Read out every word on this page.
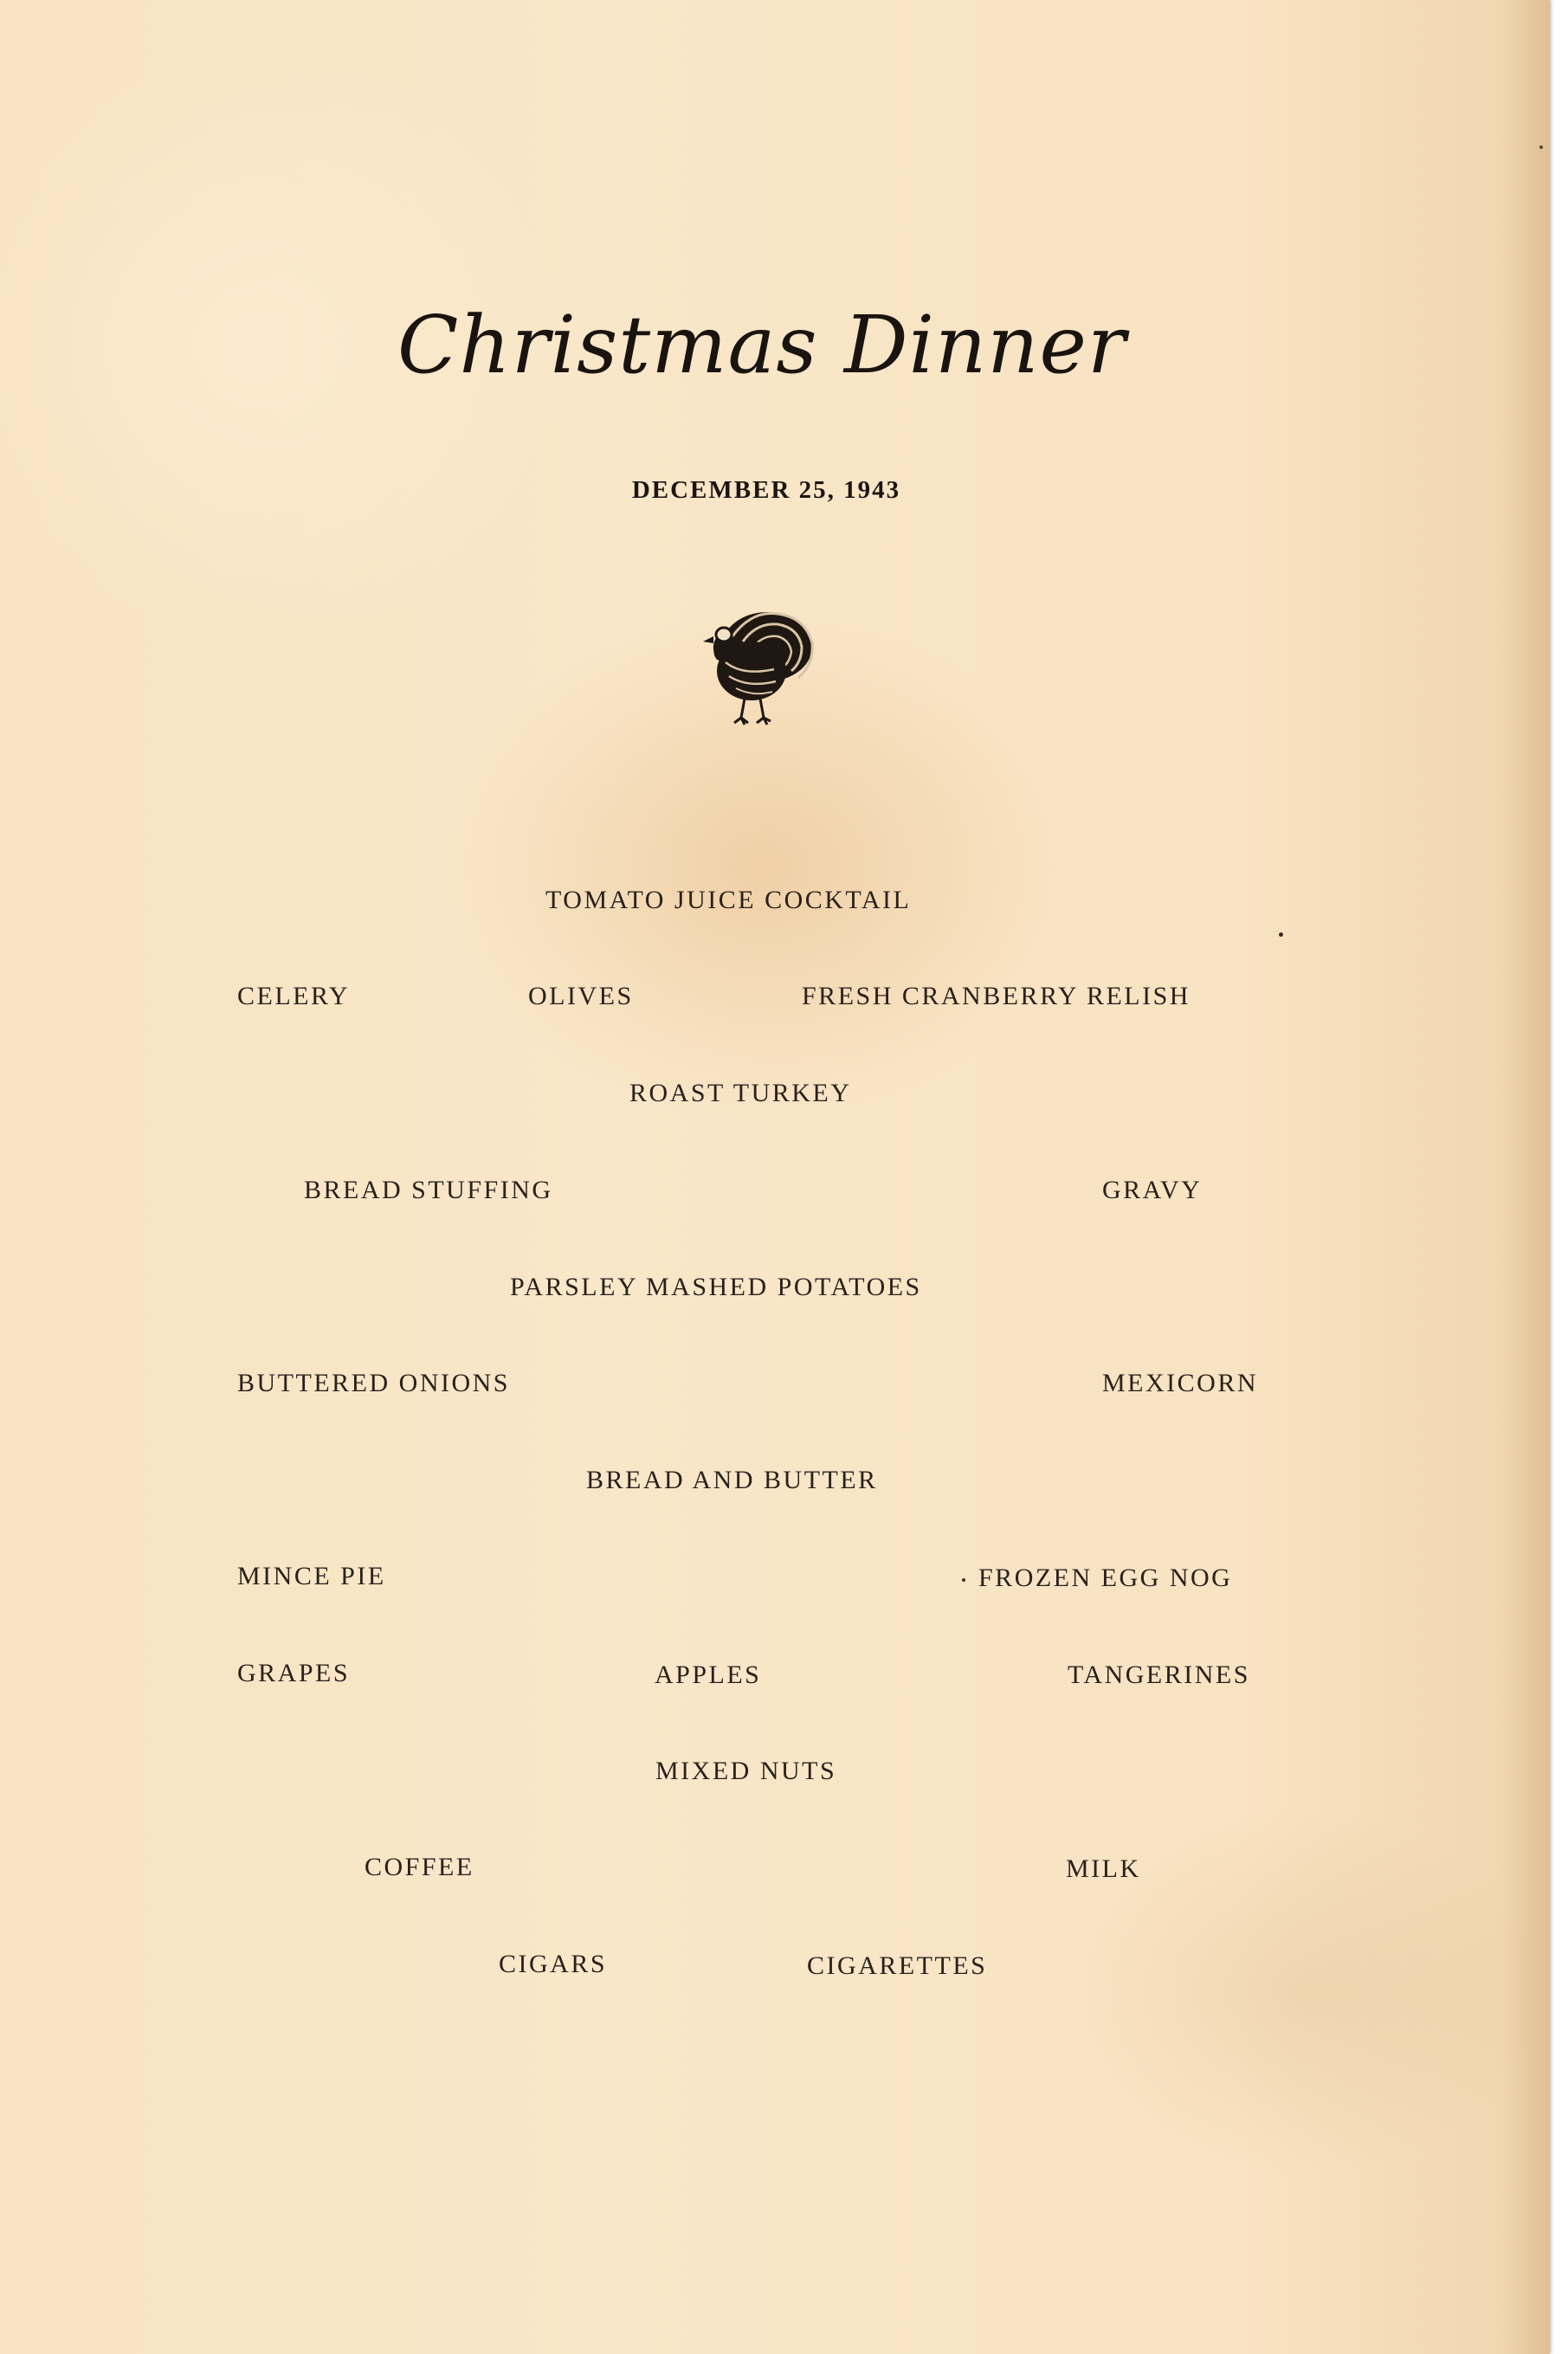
Christmas Dinner
DECEMBER 25, 1943
TOMATO JUICE COCKTAIL
CELERY	OLIVES	FRESH CRANBERRY RELISH
ROAST TURKEY
BREAD STUFFING	GRAVY
PARSLEY MASHED POTATOES
BUTTERED ONIONS	MEXICORN
BREAD AND BUTTER
MINCE PIE	FROZEN EGG NOG
GRAPES	APPLES	TANGERINES
MIXED NUTS
COFFEE	MILK
CIGARS	CIGARETTES
